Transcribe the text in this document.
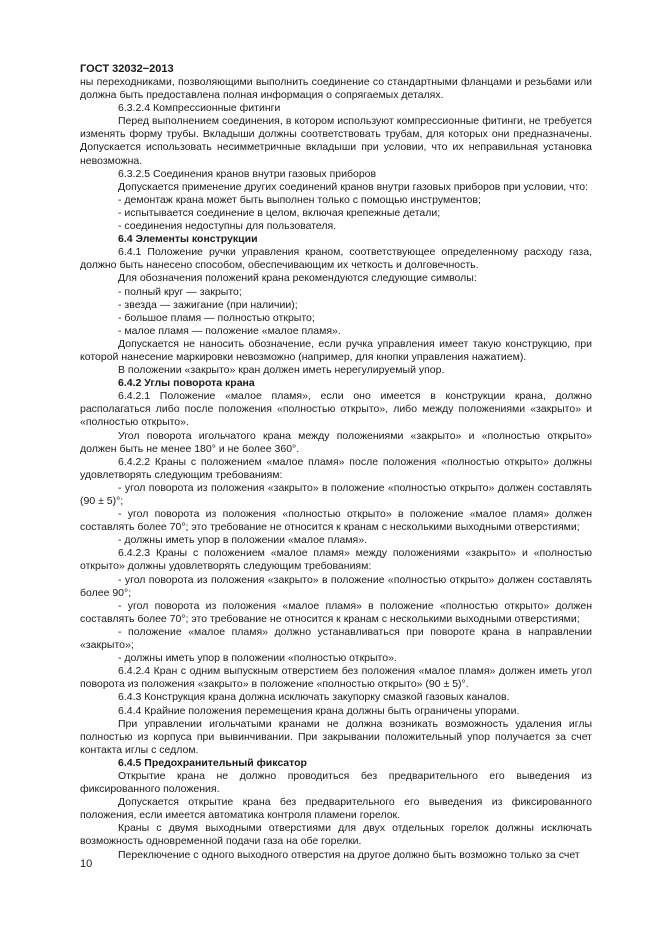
ГОСТ 32032−2013

ны переходниками, позволяющими выполнить соединение со стандартными фланцами и резьбами или должна быть предоставлена полная информация о сопрягаемых деталях.

6.3.2.4 Компрессионные фитинги

Перед выполнением соединения, в котором используют компрессионные фитинги, не требуется изменять форму трубы. Вкладыши должны соответствовать трубам, для которых они предназначены. Допускается использовать несимметричные вкладыши при условии, что их неправильная установка невозможна.

6.3.2.5 Соединения кранов внутри газовых приборов

Допускается применение других соединений кранов внутри газовых приборов при условии, что:

- демонтаж крана может быть выполнен только с помощью инструментов;

- испытывается соединение в целом, включая крепежные детали;

- соединения недоступны для пользователя.

6.4 Элементы конструкции

6.4.1 Положение ручки управления краном, соответствующее определенному расходу газа, должно быть нанесено способом, обеспечивающим их четкость и долговечность.

Для обозначения положений крана рекомендуются следующие символы:

- полный круг — закрыто;

- звезда — зажигание (при наличии);

- большое пламя — полностью открыто;

- малое пламя — положение «малое пламя».

Допускается не наносить обозначение, если ручка управления имеет такую конструкцию, при которой нанесение маркировки невозможно (например, для кнопки управления нажатием).

В положении «закрыто» кран должен иметь нерегулируемый упор.

6.4.2 Углы поворота крана

6.4.2.1 Положение «малое пламя», если оно имеется в конструкции крана, должно располагаться либо после положения «полностью открыто», либо между положениями «закрыто» и «полностью открыто».

Угол поворота игольчатого крана между положениями «закрыто» и «полностью открыто» должен быть не менее 180° и не более 360°.

6.4.2.2 Краны с положением «малое пламя» после положения «полностью открыто» должны удовлетворять следующим требованиям:

- угол поворота из положения «закрыто» в положение «полностью открыто» должен составлять (90 ± 5)°;

- угол поворота из положения «полностью открыто» в положение «малое пламя» должен составлять более 70°; это требование не относится к кранам с несколькими выходными отверстиями;

- должны иметь упор в положении «малое пламя».

6.4.2.3 Краны с положением «малое пламя» между положениями «закрыто» и «полностью открыто» должны удовлетворять следующим требованиям:

- угол поворота из положения «закрыто» в положение «полностью открыто» должен составлять более 90°;

- угол поворота из положения «малое пламя» в положение «полностью открыто» должен составлять более 70°; это требование не относится к кранам с несколькими выходными отверстиями;

- положение «малое пламя» должно устанавливаться при повороте крана в направлении «закрыто»;

- должны иметь упор в положении «полностью открыто».

6.4.2.4 Кран с одним выпускным отверстием без положения «малое пламя» должен иметь угол поворота из положения «закрыто» в положение «полностью открыто» (90 ± 5)°.

6.4.3 Конструкция крана должна исключать закупорку смазкой газовых каналов.

6.4.4 Крайние положения перемещения крана должны быть ограничены упорами.

При управлении игольчатыми кранами не должна возникать возможность удаления иглы полностью из корпуса при вывинчивании. При закрывании положительный упор получается за счет контакта иглы с седлом.

6.4.5 Предохранительный фиксатор

Открытие крана не должно проводиться без предварительного его выведения из фиксированного положения.

Допускается открытие крана без предварительного его выведения из фиксированного положения, если имеется автоматика контроля пламени горелок.

Краны с двумя выходными отверстиями для двух отдельных горелок должны исключать возможность одновременной подачи газа на обе горелки.

Переключение с одного выходного отверстия на другое должно быть возможно только за счет

10
